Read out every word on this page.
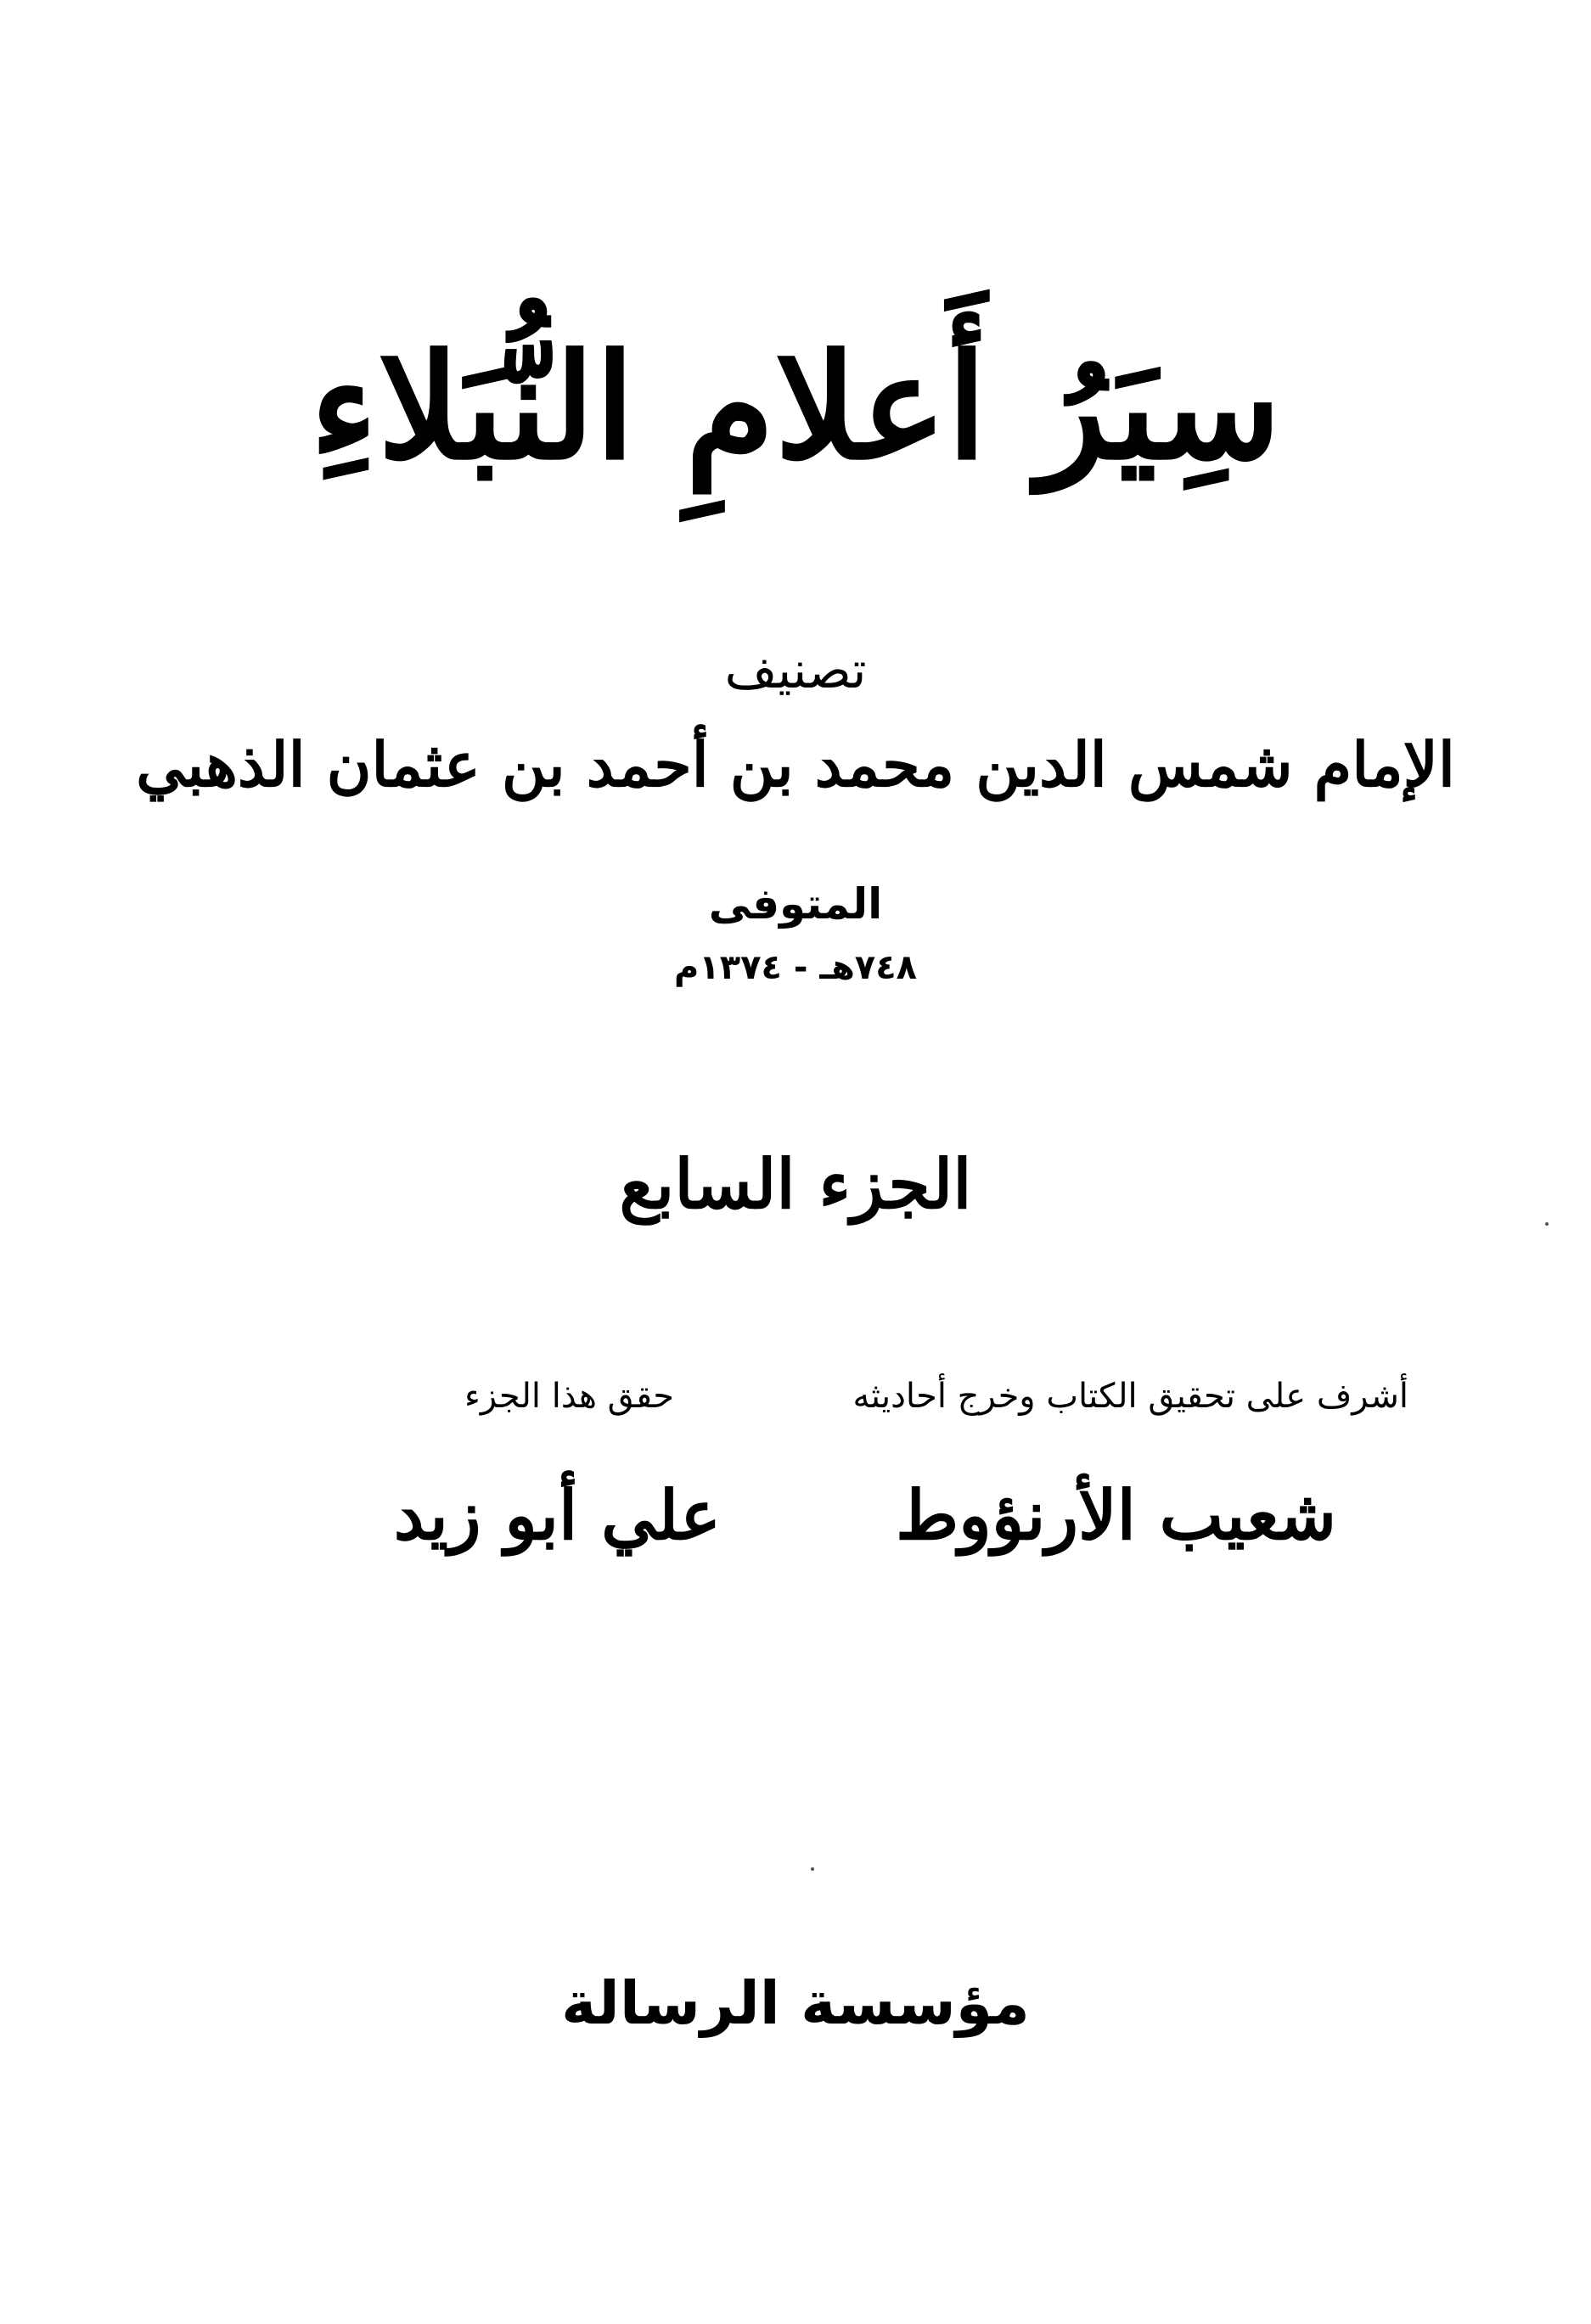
سِيَرُ أَعلامِ النُّبَلاءِ
تصنيف
الإمام شمس الدين محمد بن أحمد بن عثمان الذهبي
المتوفى
٧٤٨هـ - ١٣٧٤م
الجزء السابع
أشرف على تحقيق الكتاب وخرج أحاديثه
شعيب الأرنؤوط
حقق هذا الجزء
علي أبو زيد
مؤسسة الرسالة
